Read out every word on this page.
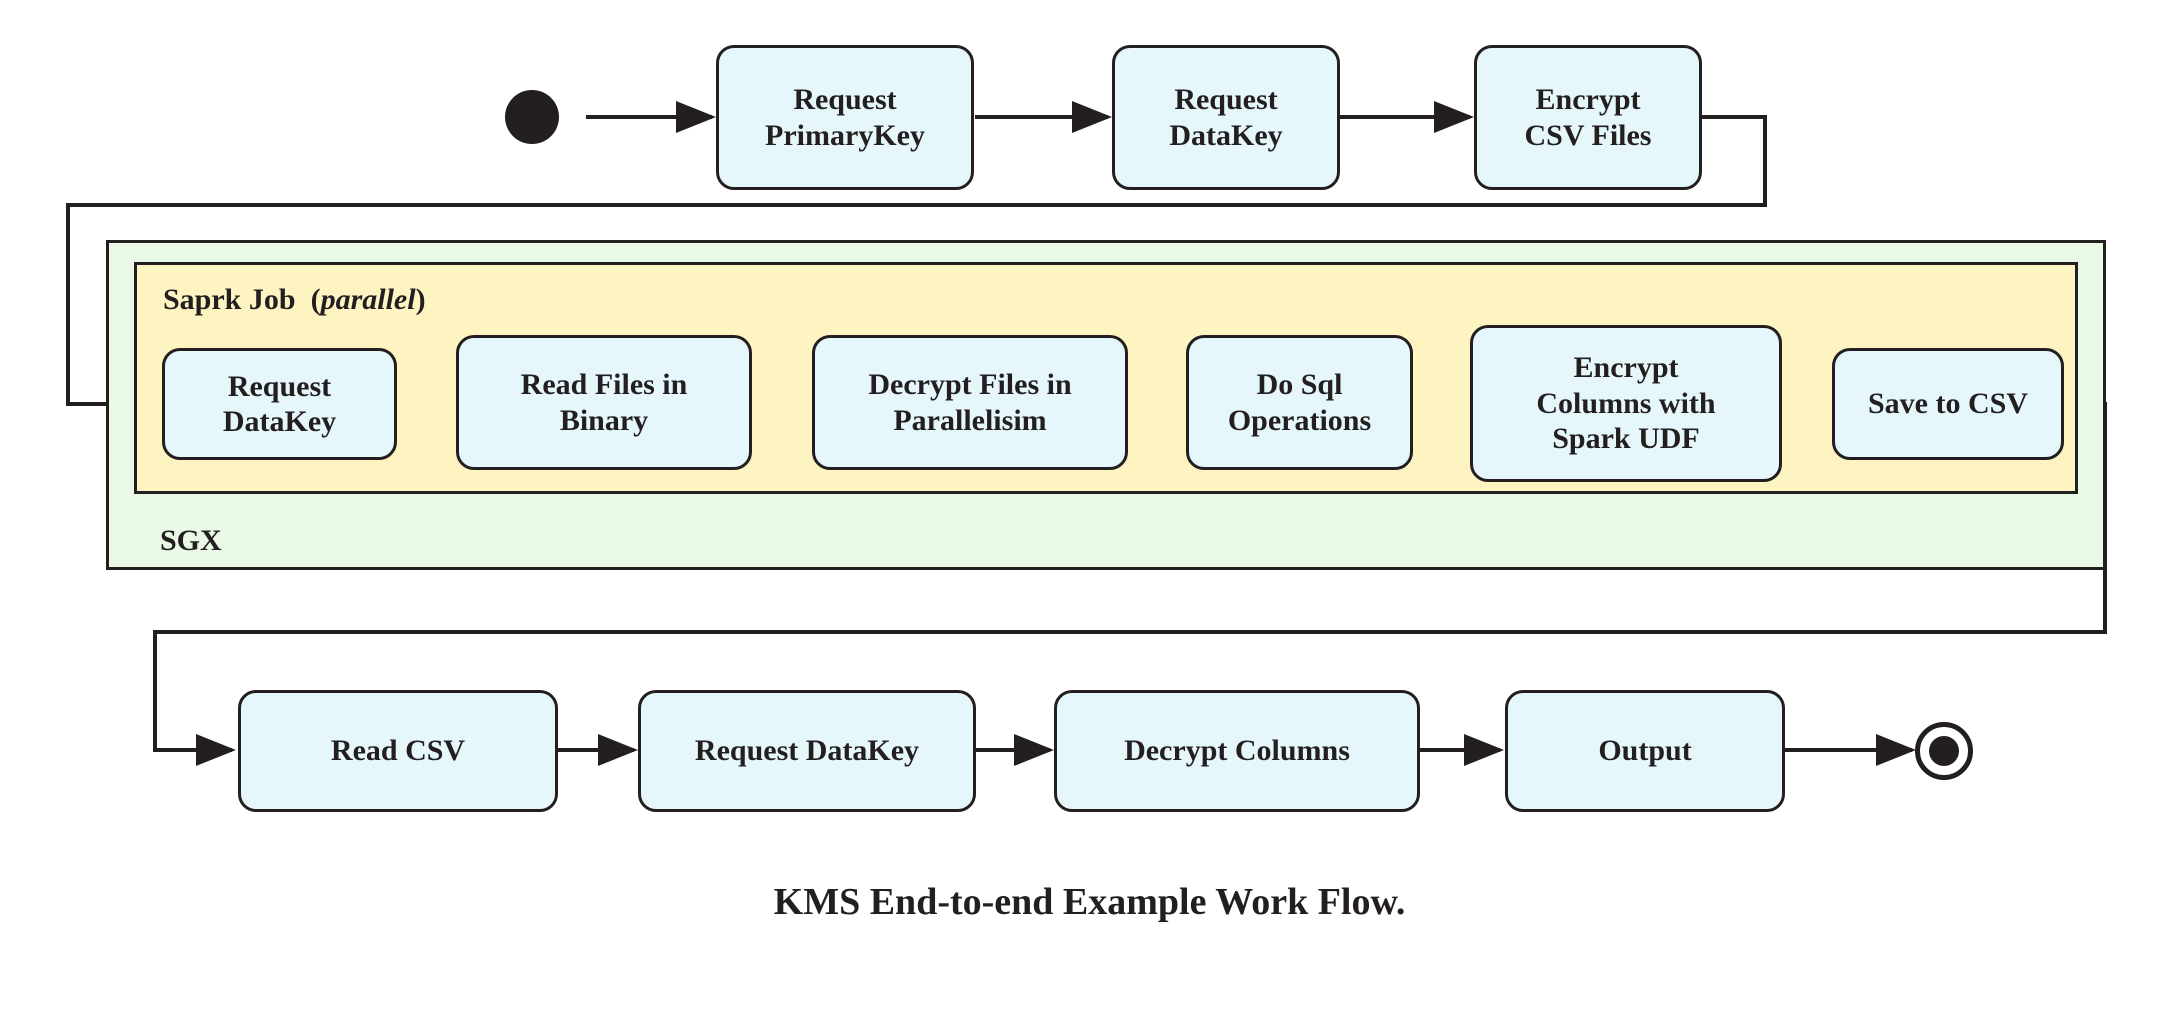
Request
PrimaryKey
Request
DataKey
Encrypt
CSV Files
SGX
Saprk Job (parallel)
Request
DataKey
Read Files in
Binary
Decrypt Files in
Parallelisim
Do Sql
Operations
Encrypt
Columns with
Spark UDF
Save to CSV
Read CSV	Request DataKey	Decrypt Columns	Output
KMS End-to-end Example Work Flow.
